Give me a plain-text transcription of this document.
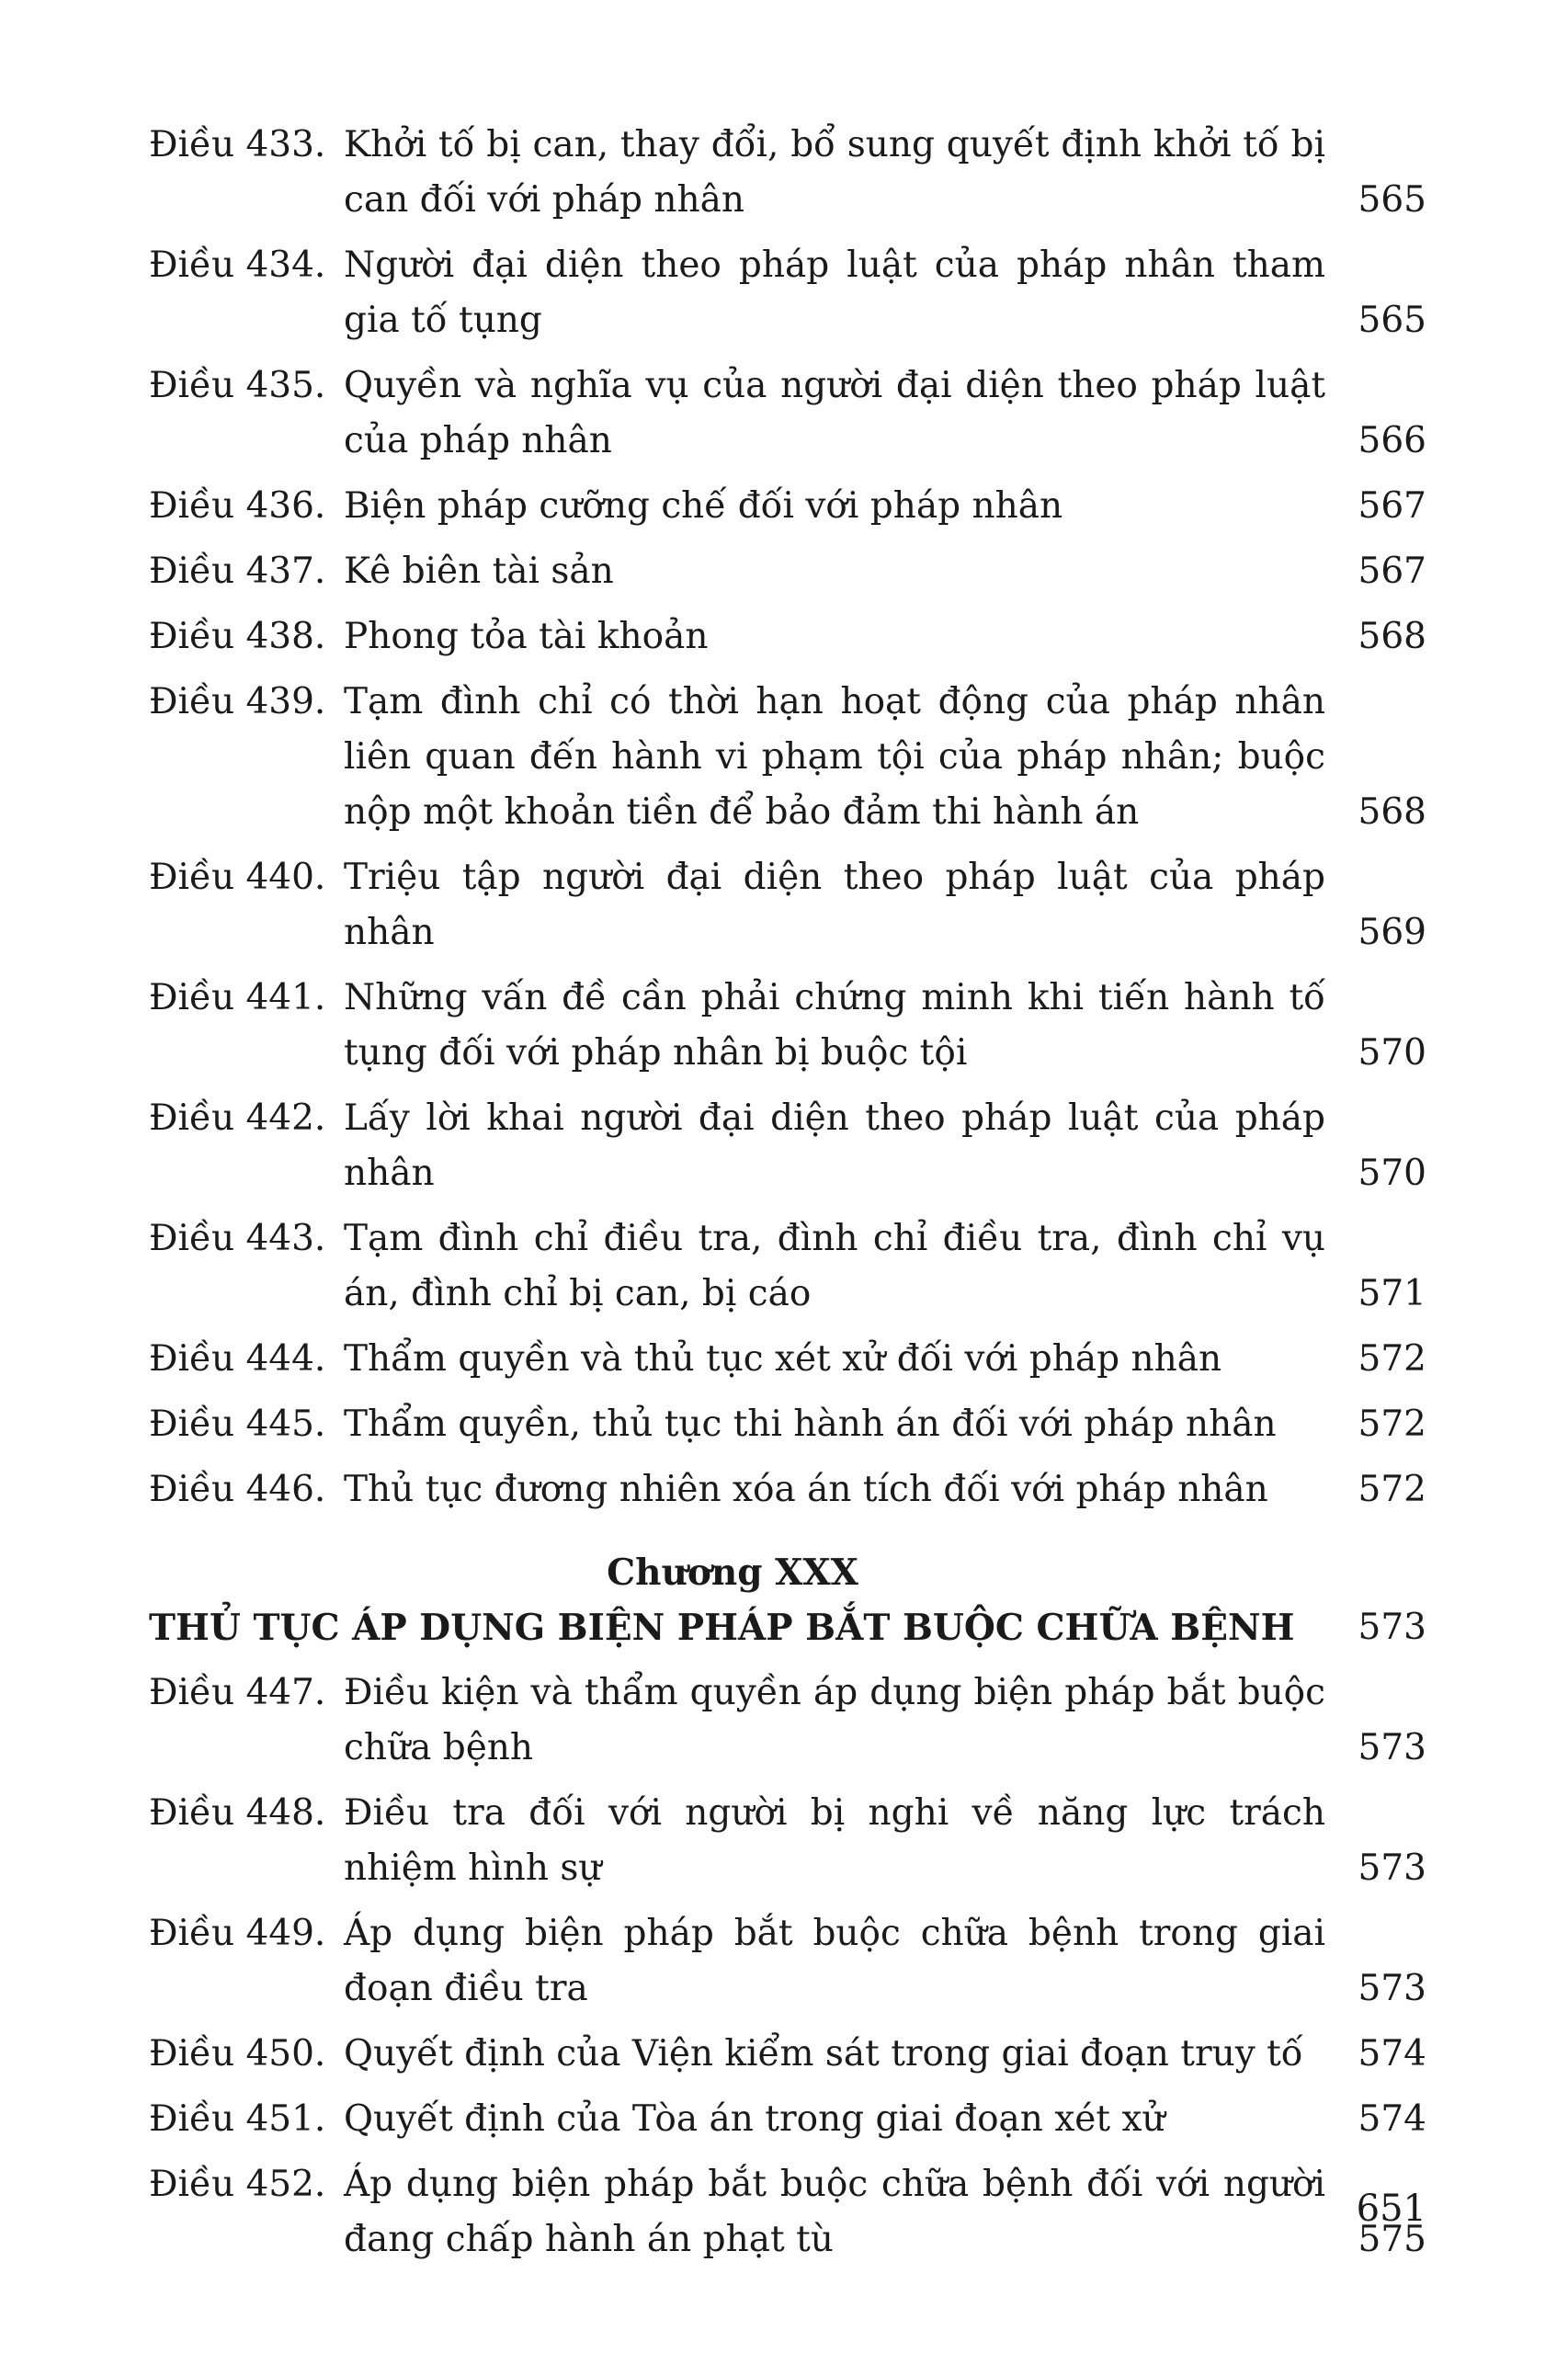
Điều 433. Khởi tố bị can, thay đổi, bổ sung quyết định khởi tố bị can đối với pháp nhân	565
Điều 434. Người đại diện theo pháp luật của pháp nhân tham gia tố tụng	565
Điều 435. Quyền và nghĩa vụ của người đại diện theo pháp luật của pháp nhân	566
Điều 436. Biện pháp cưỡng chế đối với pháp nhân	567
Điều 437. Kê biên tài sản	567
Điều 438. Phong tỏa tài khoản	568
Điều 439. Tạm đình chỉ có thời hạn hoạt động của pháp nhân liên quan đến hành vi phạm tội của pháp nhân; buộc nộp một khoản tiền để bảo đảm thi hành án	568
Điều 440. Triệu tập người đại diện theo pháp luật của pháp nhân	569
Điều 441. Những vấn đề cần phải chứng minh khi tiến hành tố tụng đối với pháp nhân bị buộc tội	570
Điều 442. Lấy lời khai người đại diện theo pháp luật của pháp nhân	570
Điều 443. Tạm đình chỉ điều tra, đình chỉ điều tra, đình chỉ vụ án, đình chỉ bị can, bị cáo	571
Điều 444. Thẩm quyền và thủ tục xét xử đối với pháp nhân	572
Điều 445. Thẩm quyền, thủ tục thi hành án đối với pháp nhân	572
Điều 446. Thủ tục đương nhiên xóa án tích đối với pháp nhân	572
Chương XXX
THỦ TỤC ÁP DỤNG BIỆN PHÁP BẮT BUỘC CHỮA BỆNH 573
Điều 447. Điều kiện và thẩm quyền áp dụng biện pháp bắt buộc chữa bệnh	573
Điều 448. Điều tra đối với người bị nghi về năng lực trách nhiệm hình sự	573
Điều 449. Áp dụng biện pháp bắt buộc chữa bệnh trong giai đoạn điều tra	573
Điều 450. Quyết định của Viện kiểm sát trong giai đoạn truy tố	574
Điều 451. Quyết định của Tòa án trong giai đoạn xét xử	574
Điều 452. Áp dụng biện pháp bắt buộc chữa bệnh đối với người đang chấp hành án phạt tù	575
651
